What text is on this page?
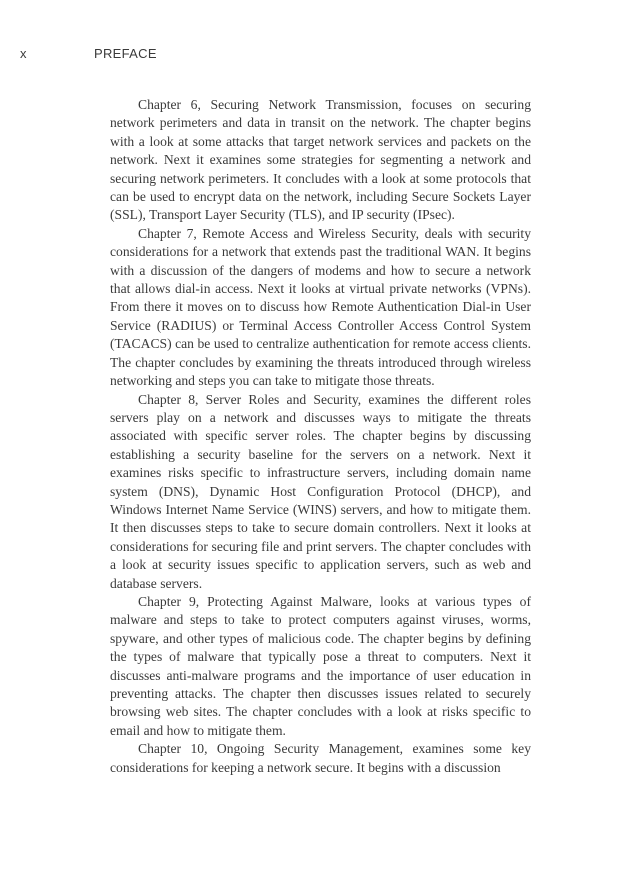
x	PREFACE

Chapter 6, Securing Network Transmission, focuses on securing network perimeters and data in transit on the network. The chapter begins with a look at some attacks that target network services and packets on the network. Next it examines some strategies for segmenting a network and securing network perimeters. It concludes with a look at some protocols that can be used to encrypt data on the network, including Secure Sockets Layer (SSL), Transport Layer Security (TLS), and IP security (IPsec).

Chapter 7, Remote Access and Wireless Security, deals with security considerations for a network that extends past the traditional WAN. It begins with a discussion of the dangers of modems and how to secure a network that allows dial-in access. Next it looks at virtual private networks (VPNs). From there it moves on to discuss how Remote Authentication Dial-in User Service (RADIUS) or Terminal Access Controller Access Control System (TACACS) can be used to centralize authentication for remote access clients. The chapter concludes by examining the threats introduced through wireless networking and steps you can take to mitigate those threats.

Chapter 8, Server Roles and Security, examines the different roles servers play on a network and discusses ways to mitigate the threats associated with specific server roles. The chapter begins by discussing establishing a security baseline for the servers on a network. Next it examines risks specific to infrastructure servers, including domain name system (DNS), Dynamic Host Configuration Protocol (DHCP), and Windows Internet Name Service (WINS) servers, and how to mitigate them. It then discusses steps to take to secure domain controllers. Next it looks at considerations for securing file and print servers. The chapter concludes with a look at security issues specific to application servers, such as web and database servers.

Chapter 9, Protecting Against Malware, looks at various types of malware and steps to take to protect computers against viruses, worms, spyware, and other types of malicious code. The chapter begins by defining the types of malware that typically pose a threat to computers. Next it discusses anti-malware programs and the importance of user education in preventing attacks. The chapter then discusses issues related to securely browsing web sites. The chapter concludes with a look at risks specific to email and how to mitigate them.

Chapter 10, Ongoing Security Management, examines some key considerations for keeping a network secure. It begins with a discussion
